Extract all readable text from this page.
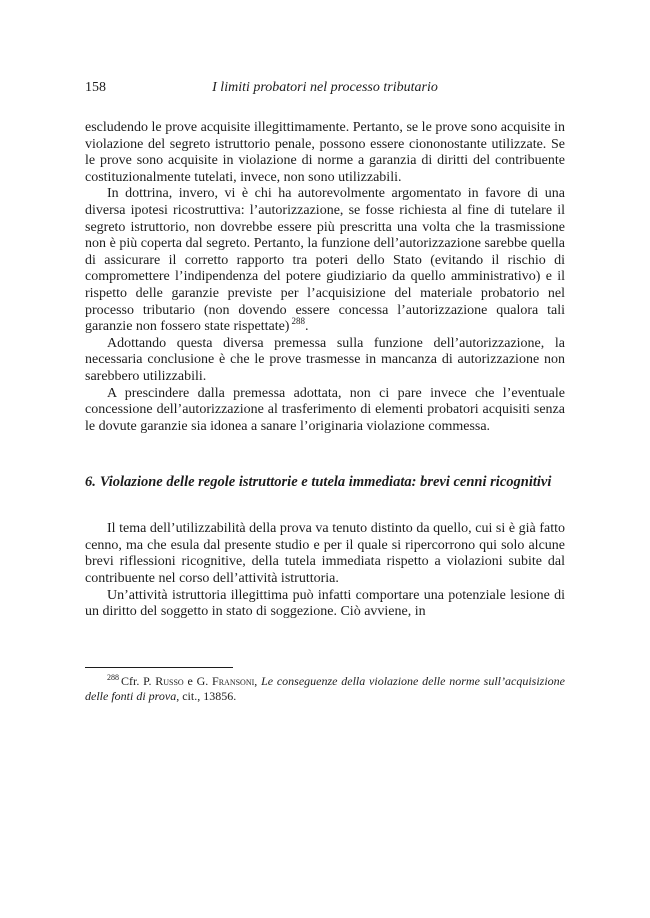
158	I limiti probatori nel processo tributario

escludendo le prove acquisite illegittimamente. Pertanto, se le prove sono acquisite in violazione del segreto istruttorio penale, possono essere ciononostante utilizzate. Se le prove sono acquisite in violazione di norme a garanzia di diritti del contribuente costituzionalmente tutelati, invece, non sono utilizzabili.

In dottrina, invero, vi è chi ha autorevolmente argomentato in favore di una diversa ipotesi ricostruttiva: l’autorizzazione, se fosse richiesta al fine di tutelare il segreto istruttorio, non dovrebbe essere più prescritta una volta che la trasmissione non è più coperta dal segreto. Pertanto, la funzione dell’autorizzazione sarebbe quella di assicurare il corretto rapporto tra poteri dello Stato (evitando il rischio di compromettere l’indipendenza del potere giudiziario da quello amministrativo) e il rispetto delle garanzie previste per l’acquisizione del materiale probatorio nel processo tributario (non dovendo essere concessa l’autorizzazione qualora tali garanzie non fossero state rispettate) $^{288}$.

Adottando questa diversa premessa sulla funzione dell’autorizzazione, la necessaria conclusione è che le prove trasmesse in mancanza di autorizzazione non sarebbero utilizzabili.

A prescindere dalla premessa adottata, non ci pare invece che l’eventuale concessione dell’autorizzazione al trasferimento di elementi probatori acquisiti senza le dovute garanzie sia idonea a sanare l’originaria violazione commessa.

6. Violazione delle regole istruttorie e tutela immediata: brevi cenni ricognitivi

Il tema dell’utilizzabilità della prova va tenuto distinto da quello, cui si è già fatto cenno, ma che esula dal presente studio e per il quale si ripercorrono qui solo alcune brevi riflessioni ricognitive, della tutela immediata rispetto a violazioni subite dal contribuente nel corso dell’attività istruttoria.

Un’attività istruttoria illegittima può infatti comportare una potenziale lesione di un diritto del soggetto in stato di soggezione. Ciò avviene, in

$^{288}$ Cfr. P. Russo e G. Fransoni, Le conseguenze della violazione delle norme sull’acquisizione delle fonti di prova, cit., 13856.
